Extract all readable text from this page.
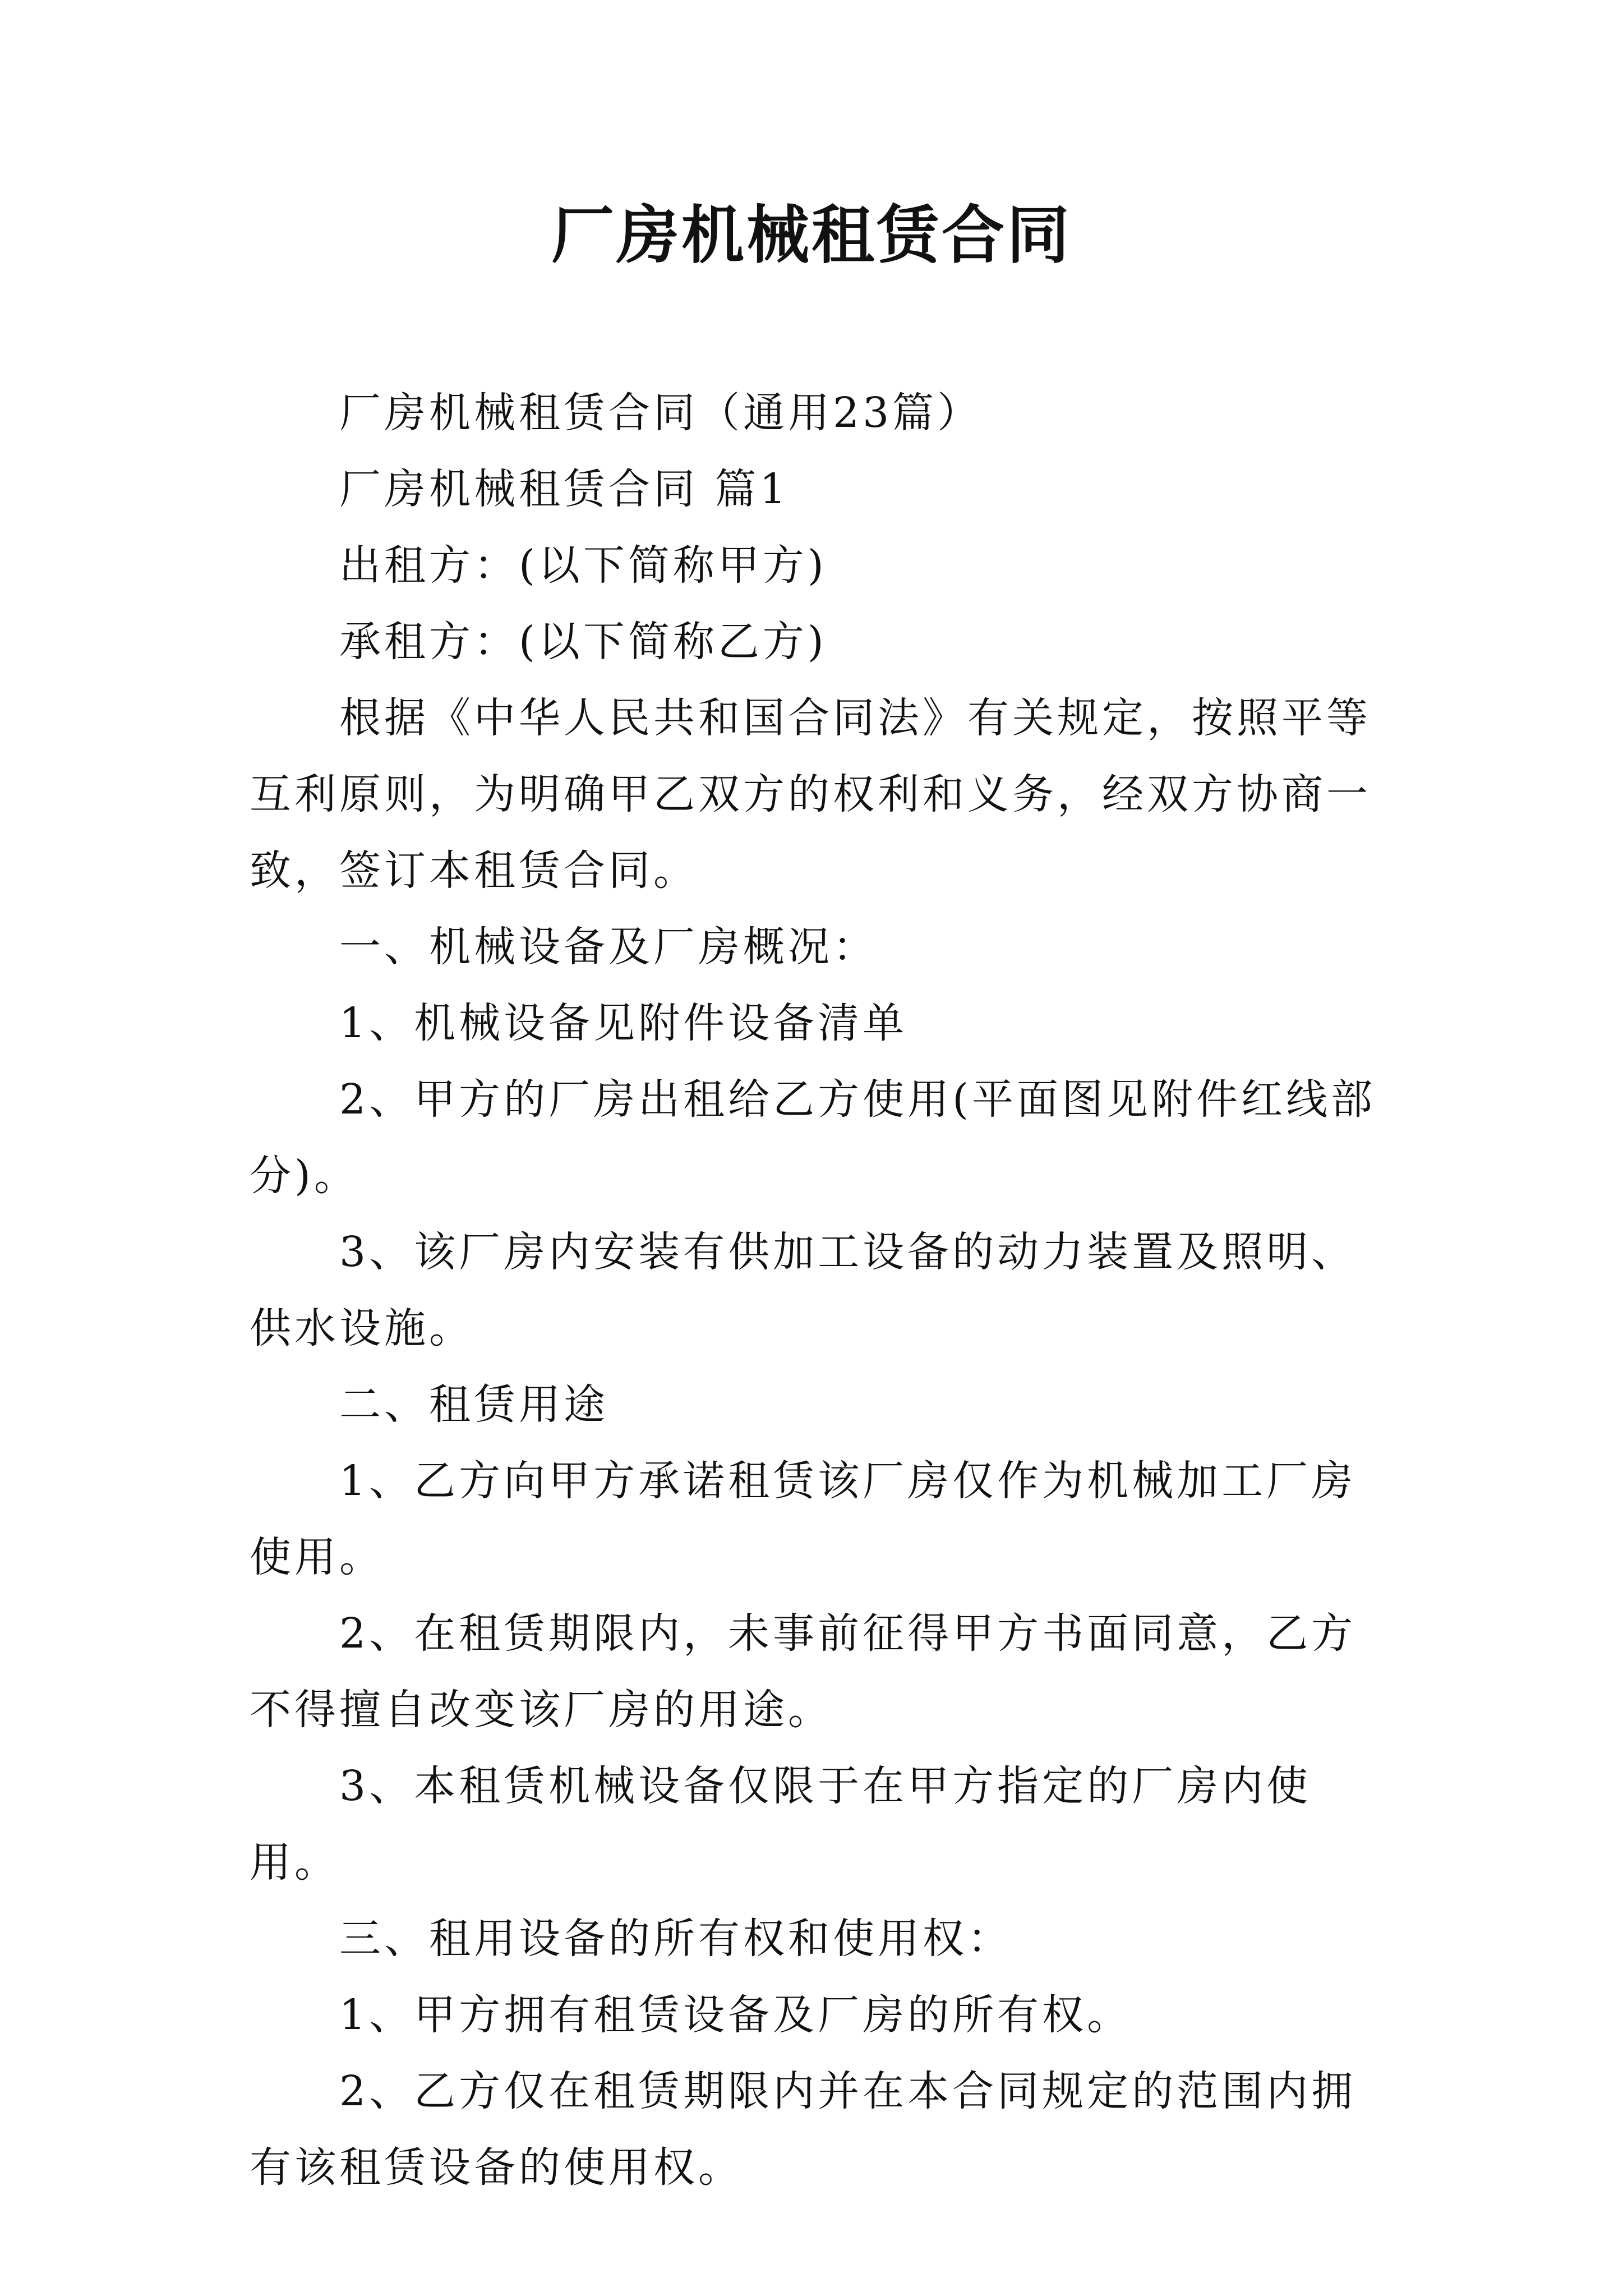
厂房机械租赁合同

厂房机械租赁合同（通用23篇）

厂房机械租赁合同 篇1

出租方：(以下简称甲方)

承租方：(以下简称乙方)

根据《中华人民共和国合同法》有关规定，按照平等互利原则，为明确甲乙双方的权利和义务，经双方协商一致，签订本租赁合同。

一、机械设备及厂房概况：

1、机械设备见附件设备清单

2、甲方的厂房出租给乙方使用(平面图见附件红线部分)。

3、该厂房内安装有供加工设备的动力装置及照明、供水设施。

二、租赁用途

1、乙方向甲方承诺租赁该厂房仅作为机械加工厂房使用。

2、在租赁期限内，未事前征得甲方书面同意，乙方不得擅自改变该厂房的用途。

3、本租赁机械设备仅限于在甲方指定的厂房内使用。

三、租用设备的所有权和使用权：

1、甲方拥有租赁设备及厂房的所有权。

2、乙方仅在租赁期限内并在本合同规定的范围内拥有该租赁设备的使用权。
